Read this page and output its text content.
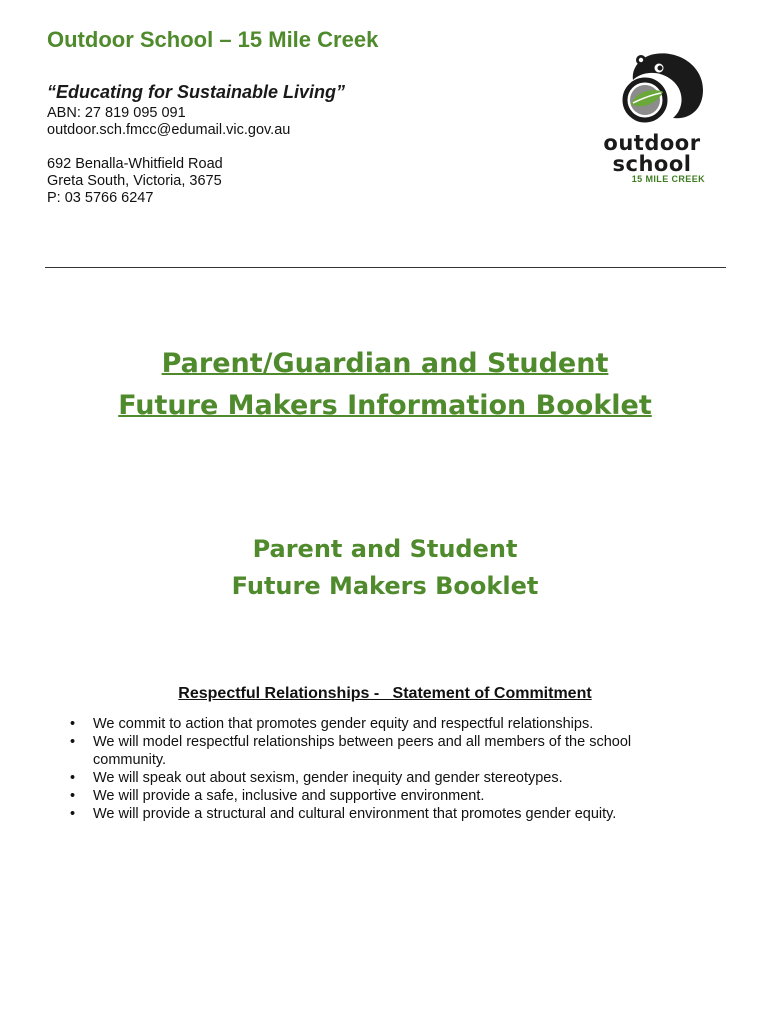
Outdoor School – 15 Mile Creek
“Educating for Sustainable Living”
ABN: 27 819 095 091
outdoor.sch.fmcc@edumail.vic.gov.au
692 Benalla-Whitfield Road
Greta South, Victoria, 3675
P: 03 5766 6247
outdoor
school
15 MILE CREEK
Parent/Guardian and Student
Future Makers Information Booklet
Parent and Student
Future Makers Booklet
Respectful Relationships -   Statement of Commitment
•	We commit to action that promotes gender equity and respectful relationships.
•	We will model respectful relationships between peers and all members of the school community.
•	We will speak out about sexism, gender inequity and gender stereotypes.
•	We will provide a safe, inclusive and supportive environment.
•	We will provide a structural and cultural environment that promotes gender equity.
